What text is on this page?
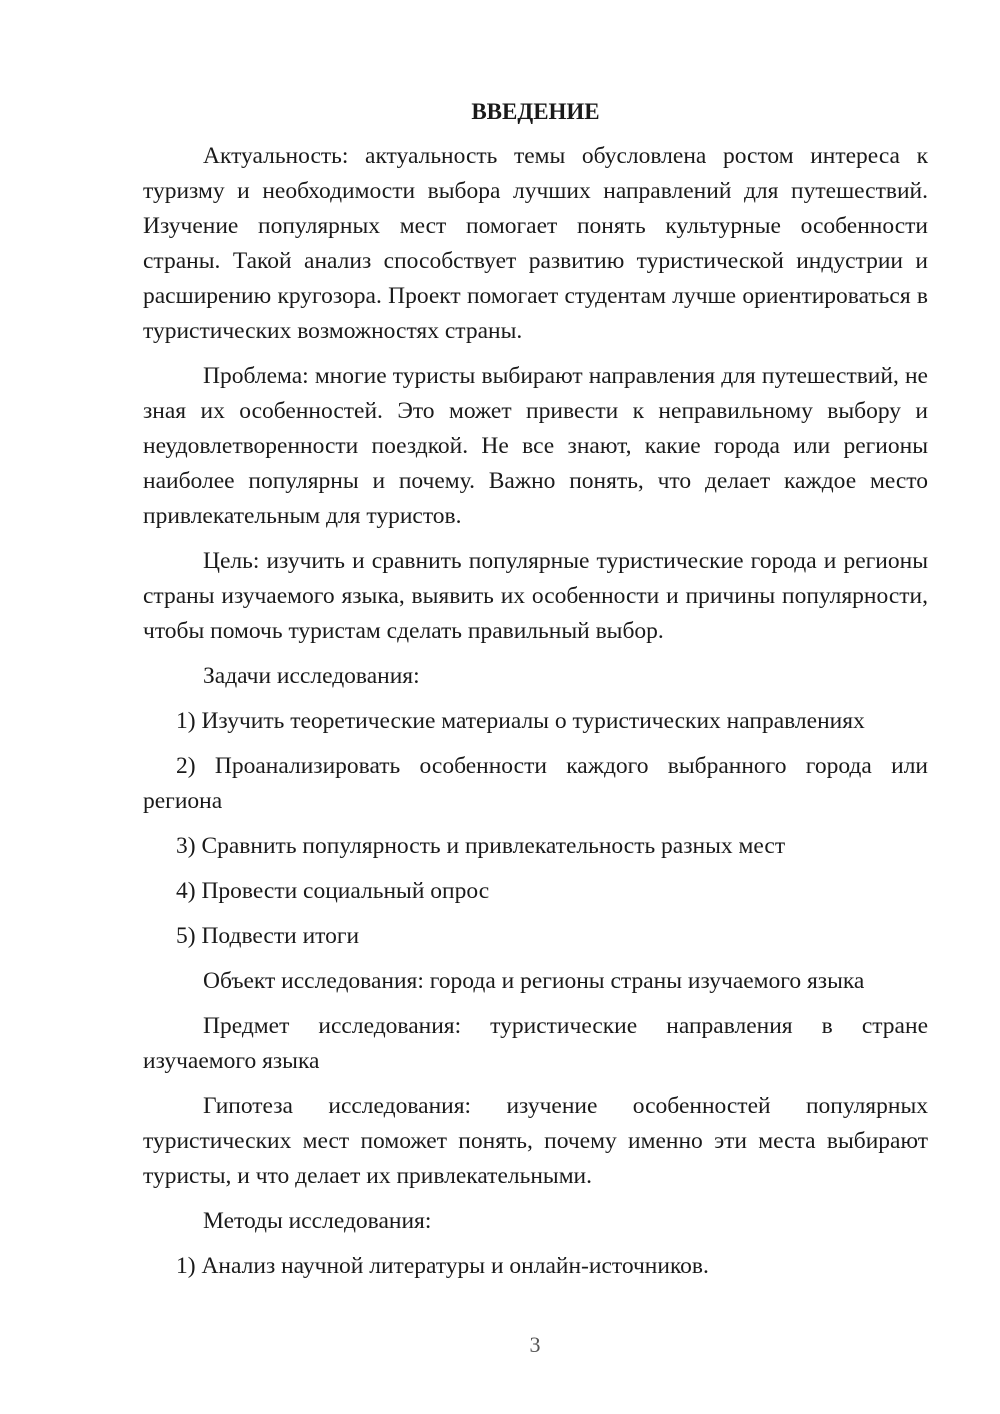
ВВЕДЕНИЕ

Актуальность: актуальность темы обусловлена ростом интереса к туризму и необходимости выбора лучших направлений для путешествий. Изучение популярных мест помогает понять культурные особенности страны. Такой анализ способствует развитию туристической индустрии и расширению кругозора. Проект помогает студентам лучше ориентироваться в туристических возможностях страны.

Проблема: многие туристы выбирают направления для путешествий, не зная их особенностей. Это может привести к неправильному выбору и неудовлетворенности поездкой. Не все знают, какие города или регионы наиболее популярны и почему. Важно понять, что делает каждое место привлекательным для туристов.

Цель: изучить и сравнить популярные туристические города и регионы страны изучаемого языка, выявить их особенности и причины популярности, чтобы помочь туристам сделать правильный выбор.

Задачи исследования:

1) Изучить теоретические материалы о туристических направлениях

2) Проанализировать особенности каждого выбранного города или региона

3) Сравнить популярность и привлекательность разных мест

4) Провести социальный опрос

5) Подвести итоги

Объект исследования: города и регионы страны изучаемого языка

Предмет исследования: туристические направления в стране изучаемого языка

Гипотеза исследования: изучение особенностей популярных туристических мест поможет понять, почему именно эти места выбирают туристы, и что делает их привлекательными.

Методы исследования:

1) Анализ научной литературы и онлайн-источников.

3
